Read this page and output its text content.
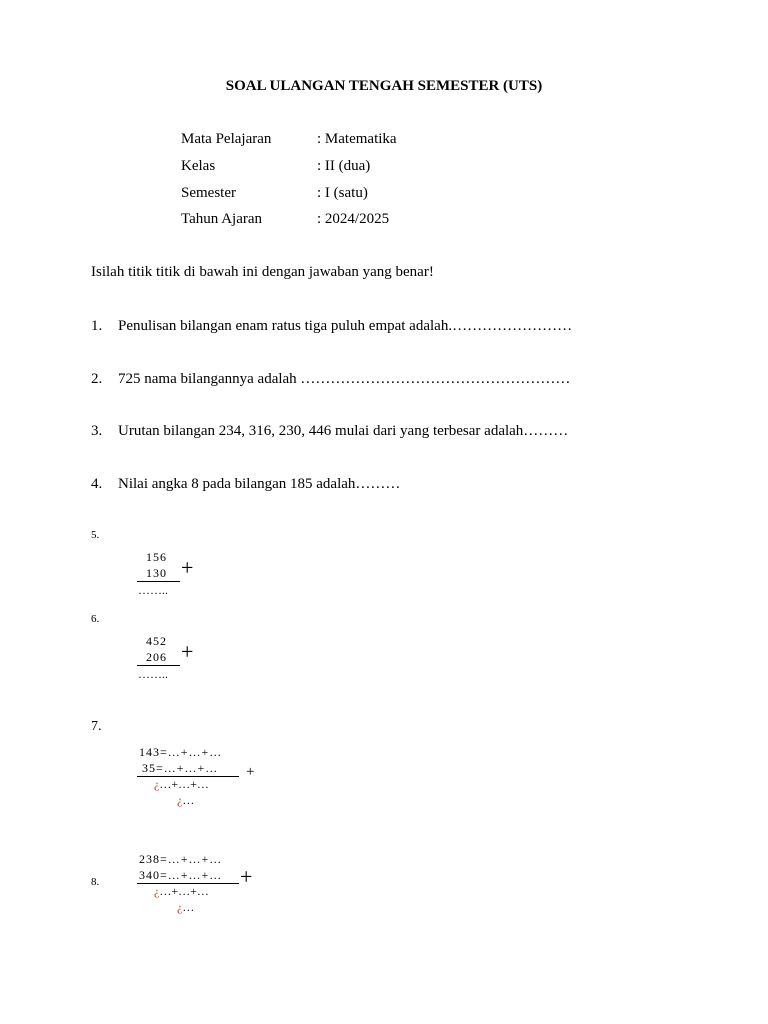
SOAL ULANGAN TENGAH SEMESTER (UTS)
Mata Pelajaran	: Matematika
Kelas	: II (dua)
Semester	: I (satu)
Tahun Ajaran	: 2024/2025
Isilah titik titik di bawah ini dengan jawaban yang benar!
1. Penulisan bilangan enam ratus tiga puluh empat adalah.……………………
2. 725 nama bilangannya adalah ………………………………………………
3. Urutan bilangan 234, 316, 230, 446 mulai dari yang terbesar adalah………
4. Nilai angka 8 pada bilangan 185 adalah………
5.
156
130 +
……..
6.
452
206 +
……..
7.
143=…+…+…
35=…+…+… +
¿…+…+…
¿…
238=…+…+…
8.	340=…+…+… +
¿…+…+…
¿…
